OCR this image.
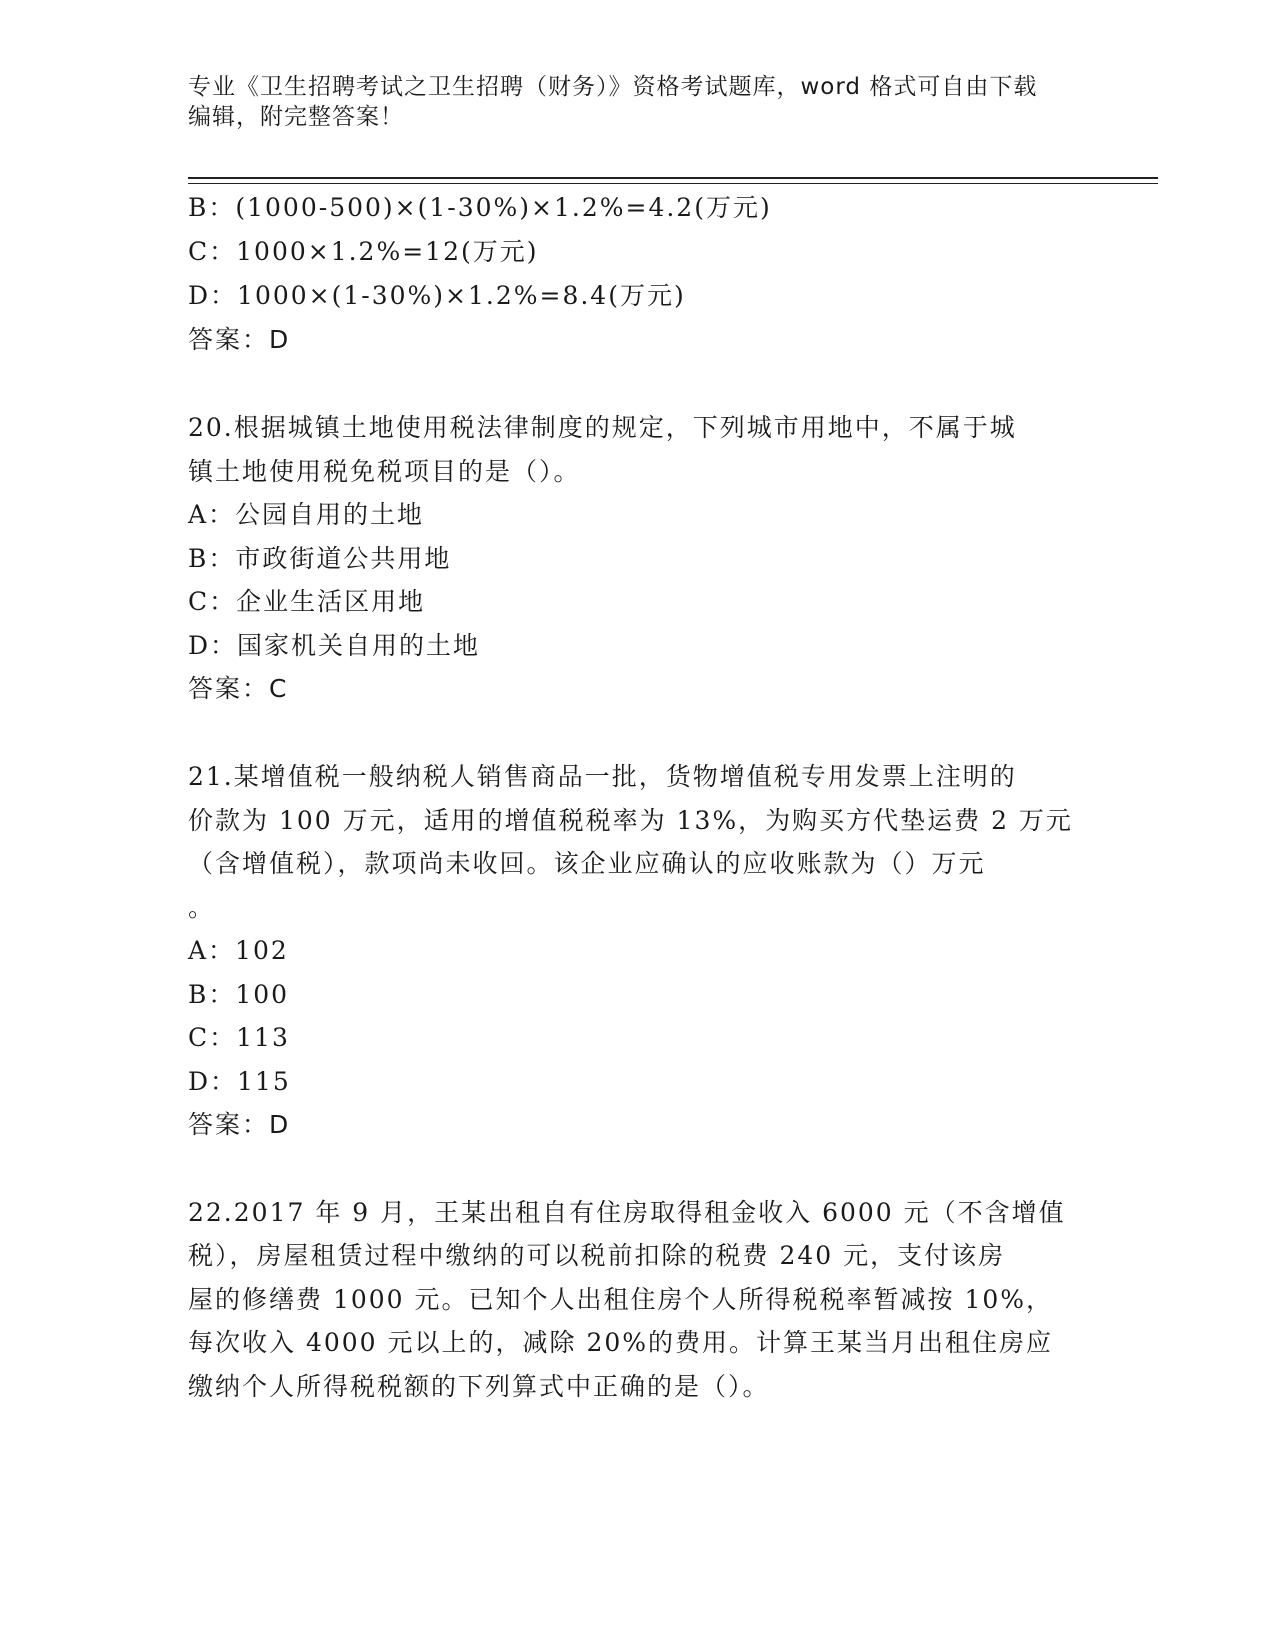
专业《卫生招聘考试之卫生招聘（财务）》资格考试题库，word 格式可自由下载
编辑，附完整答案！
B：(1000-500)×(1-30%)×1.2%=4.2(万元)
C：1000×1.2%=12(万元)
D：1000×(1-30%)×1.2%=8.4(万元)
答案：D
20.根据城镇土地使用税法律制度的规定，下列城市用地中，不属于城
镇土地使用税免税项目的是（）。
A：公园自用的土地
B：市政街道公共用地
C：企业生活区用地
D：国家机关自用的土地
答案：C
21.某增值税一般纳税人销售商品一批，货物增值税专用发票上注明的
价款为 100 万元，适用的增值税税率为 13%，为购买方代垫运费 2 万元
（含增值税），款项尚未收回。该企业应确认的应收账款为（）万元
。
A：102
B：100
C：113
D：115
答案：D
22.2017 年 9 月，王某出租自有住房取得租金收入 6000 元（不含增值
税），房屋租赁过程中缴纳的可以税前扣除的税费 240 元，支付该房
屋的修缮费 1000 元。已知个人出租住房个人所得税税率暂减按 10%，
每次收入 4000 元以上的，减除 20%的费用。计算王某当月出租住房应
缴纳个人所得税税额的下列算式中正确的是（）。
